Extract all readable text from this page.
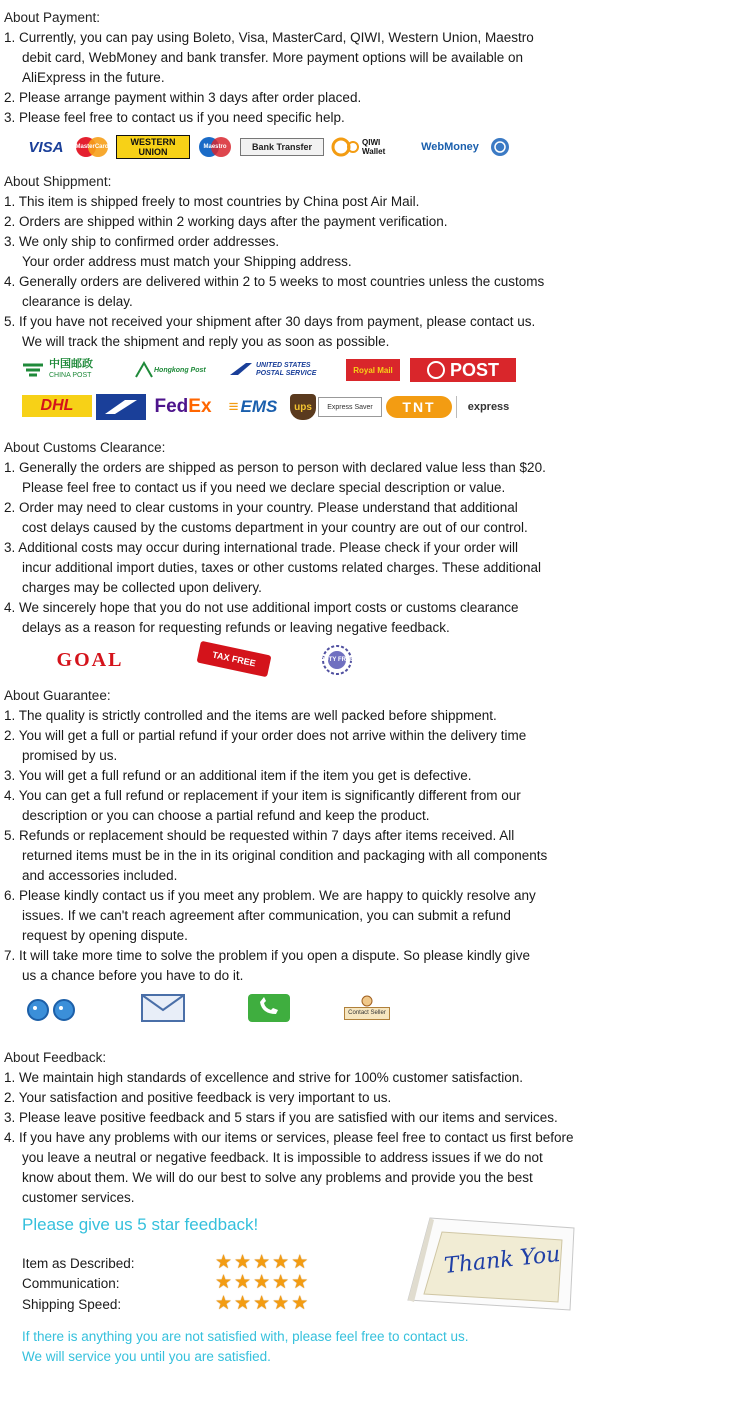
About Payment:
1. Currently, you can pay using Boleto, Visa, MasterCard, QIWI, Western Union, Maestro
debit card, WebMoney and bank transfer. More payment options will be available on
AliExpress in the future.
2. Please arrange payment within 3 days after order placed.
3. Please feel free to contact us if you need specific help.
VISA	MasterCard WESTERN
UNION	Maestro	Bank Transfer	QIWI
Wallet	WebMoney
About Shippment:
1. This item is shipped freely to most countries by China post Air Mail.
2. Orders are shipped within 2 working days after the payment verification.
3. We only ship to confirmed order addresses.
Your order address must match your Shipping address.
4. Generally orders are delivered within 2 to 5 weeks to most countries unless the customs
clearance is delay.
5. If you have not received your shipment after 30 days from payment, please contact us.
We will track the shipment and reply you as soon as possible.
中国邮政
CHINA POST
Hongkong Post
UNITED STATES
POSTAL SERVICE	Royal Mail	POST
DHL	Fed Ex ≡ EMS	ups	Express Saver	TNT	express
About Customs Clearance:
1. Generally the orders are shipped as person to person with declared value less than $20.
Please feel free to contact us if you need we declare special description or value.
2. Order may need to clear customs in your country. Please understand that additional
cost delays caused by the customs department in your country are out of our control.
3. Additional costs may occur during international trade. Please check if your order will
incur additional import duties, taxes or other customs related charges. These additional
charges may be collected upon delivery.
4. We sincerely hope that you do not use additional import costs or customs clearance
delays as a reason for requesting refunds or leaving negative feedback.
GOAL	TAX FREE	DUTY FREE
About Guarantee:
1. The quality is strictly controlled and the items are well packed before shippment.
2. You will get a full or partial refund if your order does not arrive within the delivery time
promised by us.
3. You will get a full refund or an additional item if the item you get is defective.
4. You can get a full refund or replacement if your item is significantly different from our
description or you can choose a partial refund and keep the product.
5. Refunds or replacement should be requested within 7 days after items received. All
returned items must be in the in its original condition and packaging with all components
and accessories included.
6. Please kindly contact us if you meet any problem. We are happy to quickly resolve any
issues. If we can't reach agreement after communication, you can submit a refund
request by opening dispute.
7. It will take more time to solve the problem if you open a dispute. So please kindly give
us a chance before you have to do it.
Contact Seller
About Feedback:
1. We maintain high standards of excellence and strive for 100% customer satisfaction.
2. Your satisfaction and positive feedback is very important to us.
3. Please leave positive feedback and 5 stars if you are satisfied with our items and services.
4. If you have any problems with our items or services, please feel free to contact us first before
you leave a neutral or negative feedback. It is impossible to address issues if we do not
know about them. We will do our best to solve any problems and provide you the best
customer services.
Please give us 5 star feedback!
Item as Described:	★ ★ ★ ★ ★
Communication:	★ ★ ★ ★ ★
Shipping Speed:	★ ★ ★ ★ ★
Thank You
If there is anything you are not satisfied with, please feel free to contact us.
We will service you until you are satisfied.
